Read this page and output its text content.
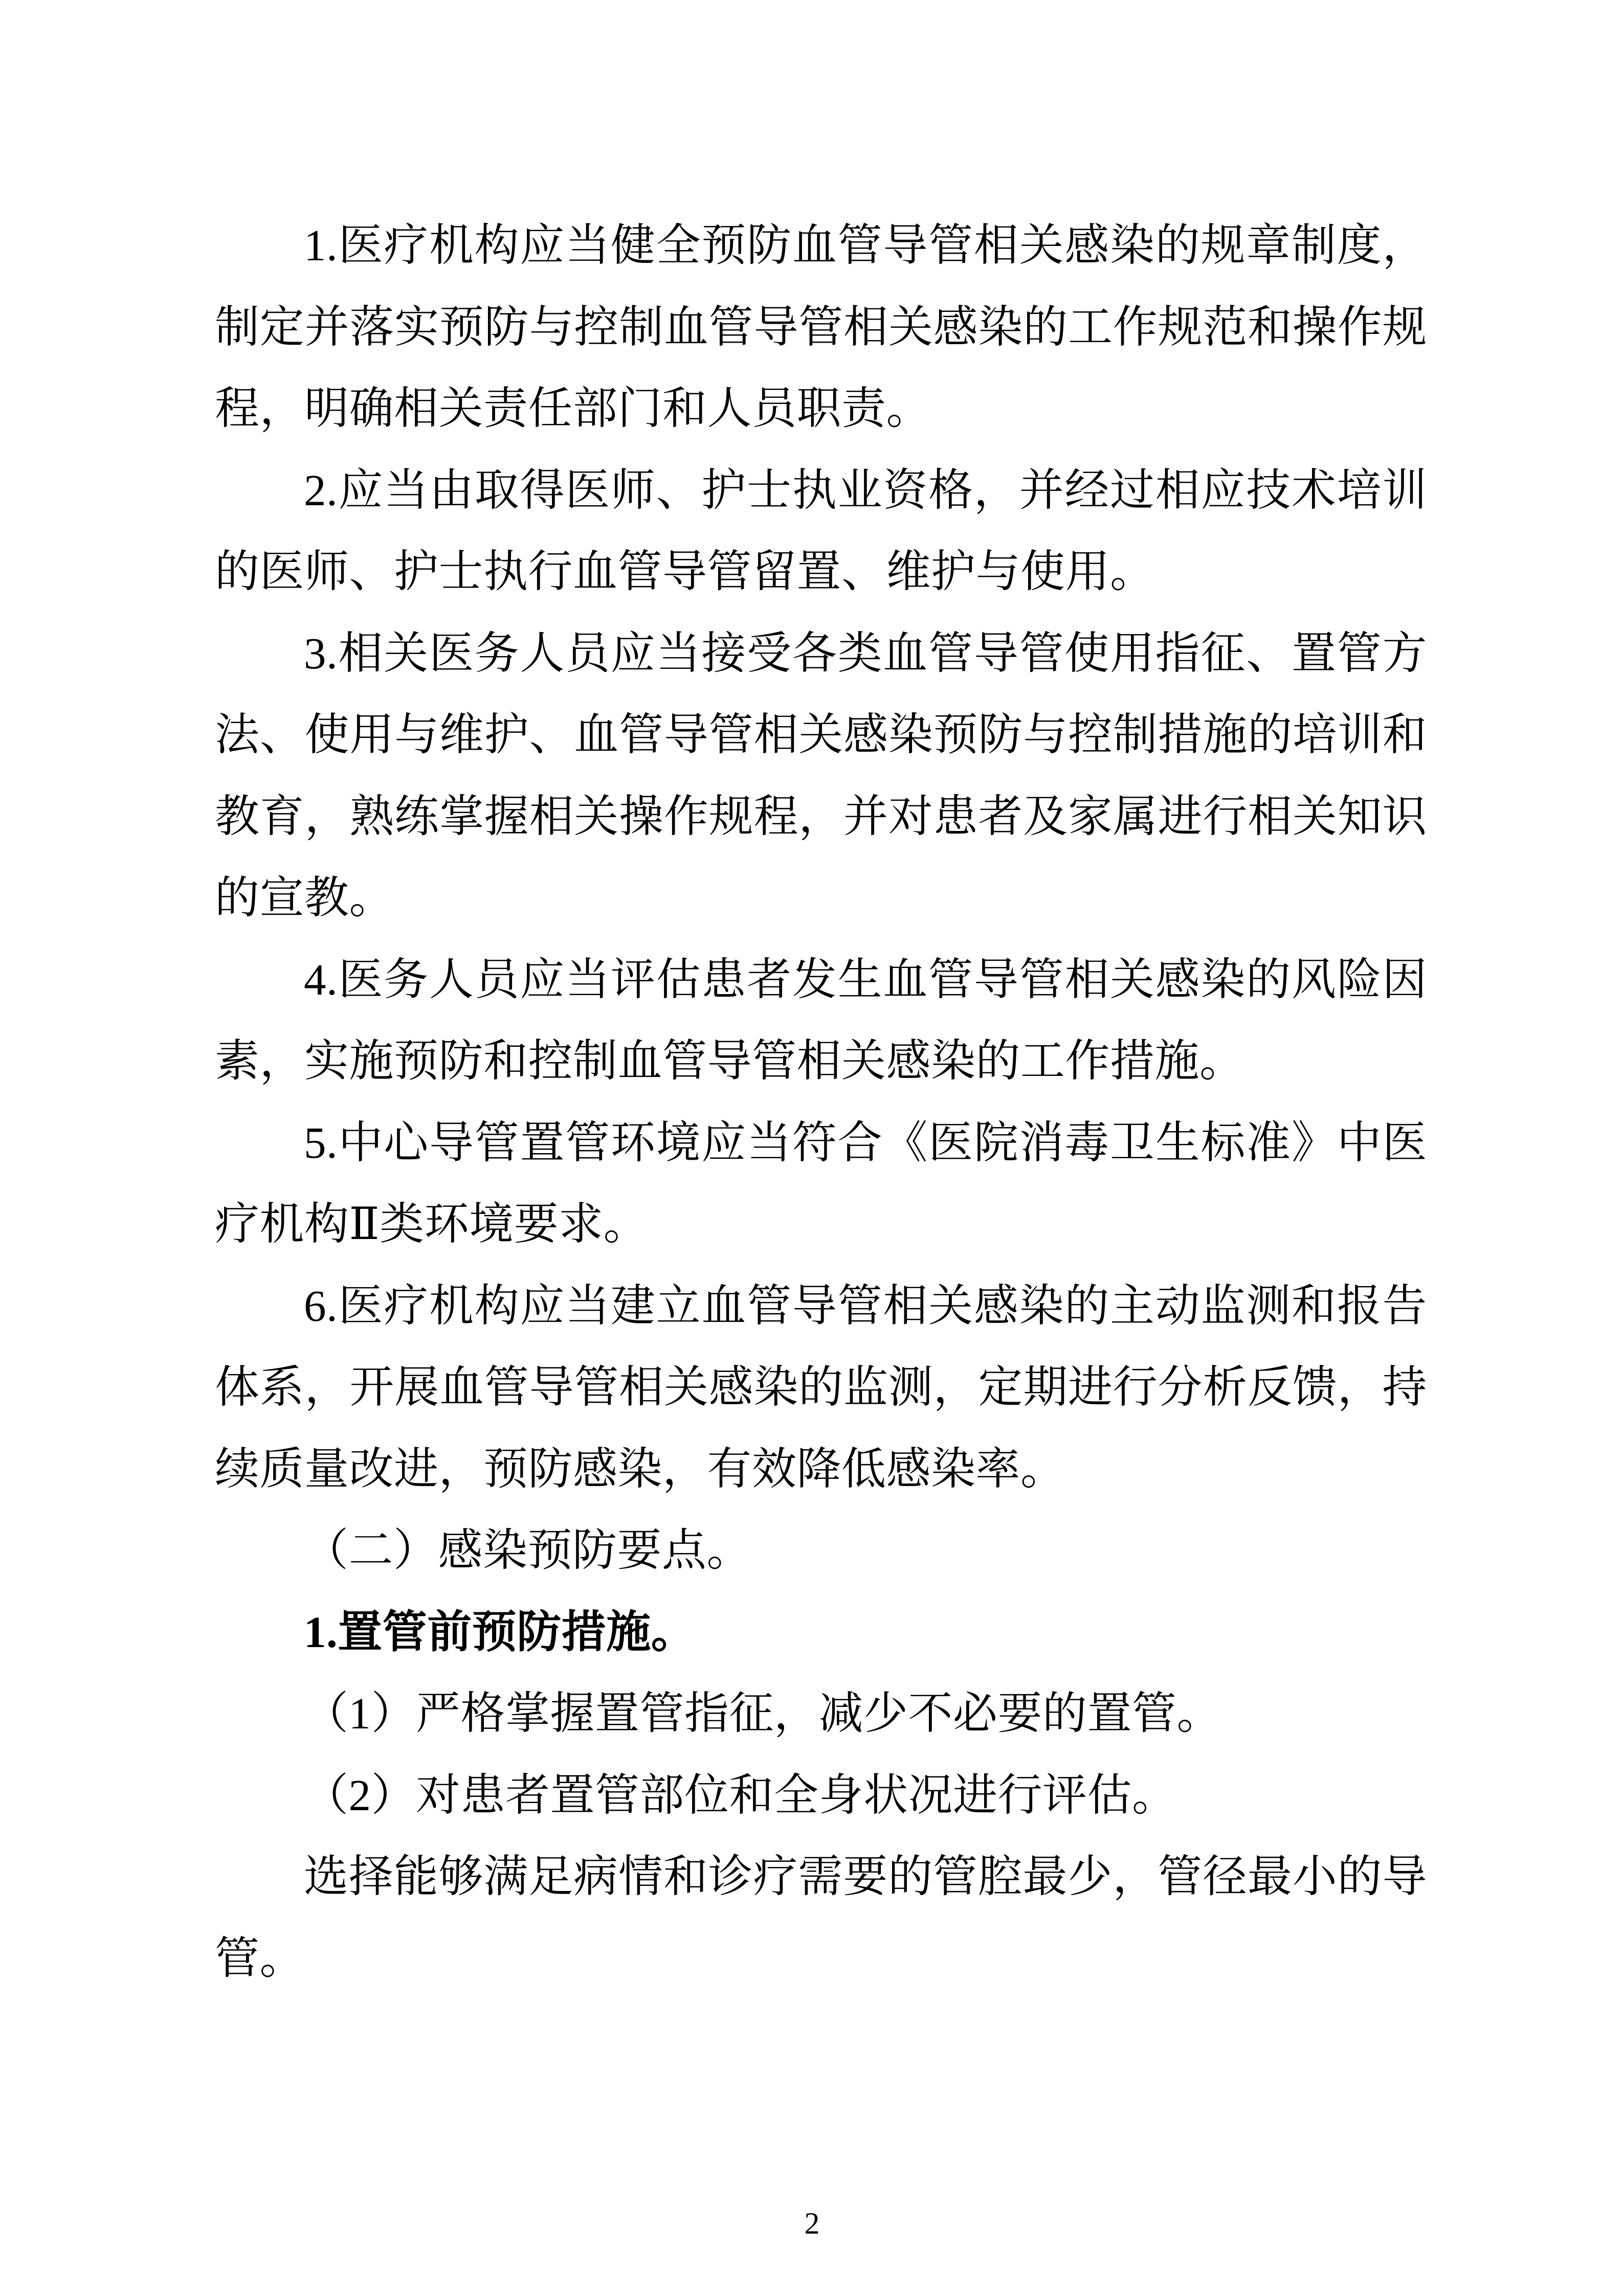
1.医疗机构应当健全预防血管导管相关感染的规章制度，
制定并落实预防与控制血管导管相关感染的工作规范和操作规
程，明确相关责任部门和人员职责。
2.应当由取得医师、护士执业资格，并经过相应技术培训
的医师、护士执行血管导管留置、维护与使用。
3.相关医务人员应当接受各类血管导管使用指征、置管方
法、使用与维护、血管导管相关感染预防与控制措施的培训和
教育，熟练掌握相关操作规程，并对患者及家属进行相关知识
的宣教。
4.医务人员应当评估患者发生血管导管相关感染的风险因
素，实施预防和控制血管导管相关感染的工作措施。
5.中心导管置管环境应当符合《医院消毒卫生标准》中医
疗机构Ⅱ类环境要求。
6.医疗机构应当建立血管导管相关感染的主动监测和报告
体系，开展血管导管相关感染的监测，定期进行分析反馈，持
续质量改进，预防感染，有效降低感染率。
（二）感染预防要点。
1.置管前预防措施。
（1）严格掌握置管指征，减少不必要的置管。
（2）对患者置管部位和全身状况进行评估。
选择能够满足病情和诊疗需要的管腔最少，管径最小的导
管。
2
